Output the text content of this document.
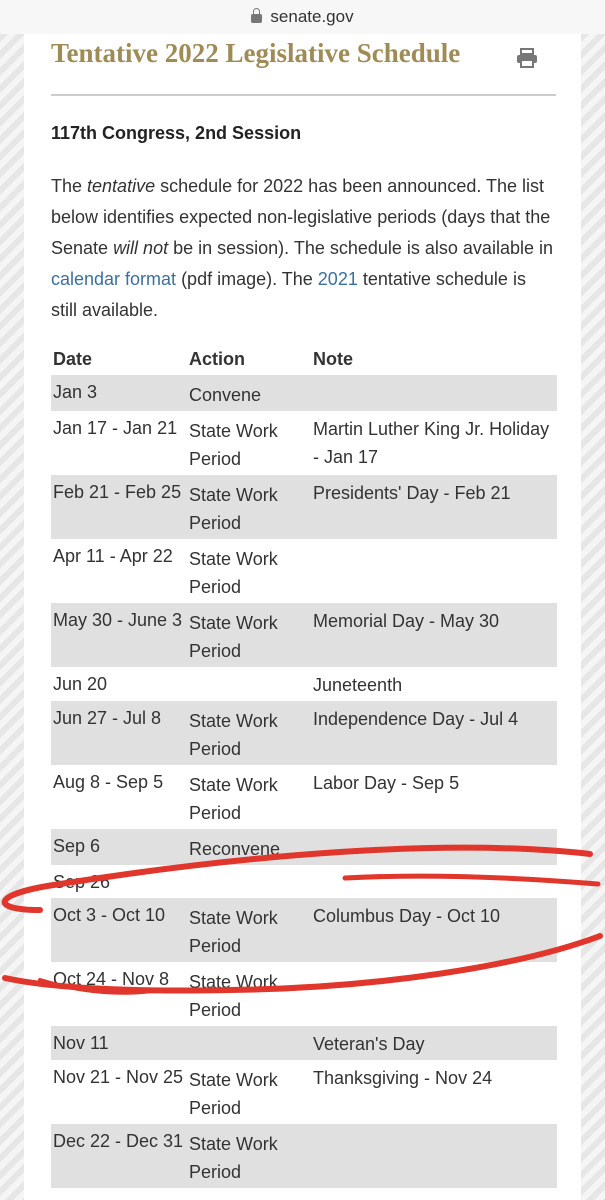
senate.gov
Tentative 2022 Legislative Schedule
117th Congress, 2nd Session

The tentative schedule for 2022 has been announced. The list below identifies expected non-legislative periods (days that the Senate will not be in session). The schedule is also available in calendar format (pdf image). The 2021 tentative schedule is still available.

Date	Action	Note
Jan 3	Convene	
Jan 17 - Jan 21	State Work Period	Martin Luther King Jr. Holiday - Jan 17
Feb 21 - Feb 25	State Work Period	Presidents' Day - Feb 21
Apr 11 - Apr 22	State Work Period	
May 30 - June 3	State Work Period	Memorial Day - May 30
Jun 20		Juneteenth
Jun 27 - Jul 8	State Work Period	Independence Day - Jul 4
Aug 8 - Sep 5	State Work Period	Labor Day - Sep 5
Sep 6	Reconvene	
Sep 26		
Oct 3 - Oct 10	State Work Period	Columbus Day - Oct 10
Oct 24 - Nov 8	State Work Period	
Nov 11		Veteran's Day
Nov 21 - Nov 25	State Work Period	Thanksgiving - Nov 24
Dec 22 - Dec 31	State Work Period	
